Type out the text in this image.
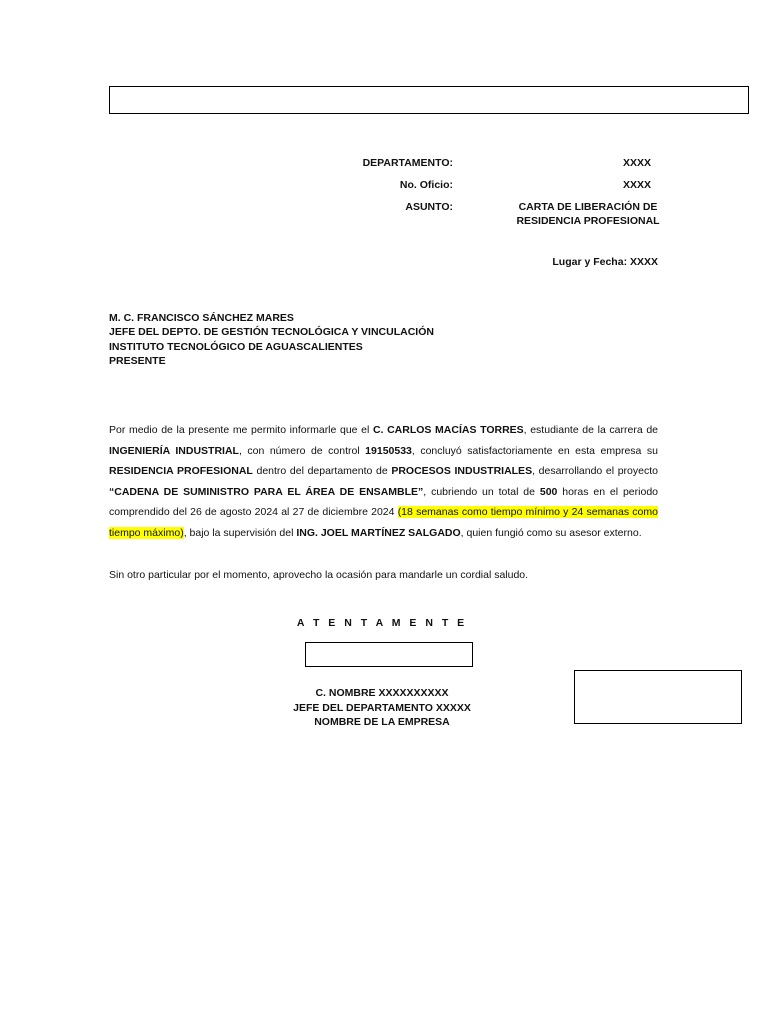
DEPARTAMENTO:	XXXX
No. Oficio:	XXXX
ASUNTO:	CARTA DE LIBERACIÓN DE
RESIDENCIA PROFESIONAL
Lugar y Fecha: XXXX
M. C. FRANCISCO SÁNCHEZ MARES
JEFE DEL DEPTO. DE GESTIÓN TECNOLÓGICA Y VINCULACIÓN
INSTITUTO TECNOLÓGICO DE AGUASCALIENTES
PRESENTE
Por medio de la presente me permito informarle que el C. CARLOS MACÍAS TORRES, estudiante de la carrera de INGENIERÍA INDUSTRIAL, con número de control 19150533, concluyó satisfactoriamente en esta empresa su RESIDENCIA PROFESIONAL dentro del departamento de PROCESOS INDUSTRIALES, desarrollando el proyecto “CADENA DE SUMINISTRO PARA EL ÁREA DE ENSAMBLE”, cubriendo un total de 500 horas en el periodo comprendido del 26 de agosto 2024 al 27 de diciembre 2024 (18 semanas como tiempo mínimo y 24 semanas como tiempo máximo), bajo la supervisión del ING. JOEL MARTÍNEZ SALGADO, quien fungió como su asesor externo.
Sin otro particular por el momento, aprovecho la ocasión para mandarle un cordial saludo.
A T E N T A M E N T E
C. NOMBRE XXXXXXXXXX
JEFE DEL DEPARTAMENTO XXXXX
NOMBRE DE LA EMPRESA
